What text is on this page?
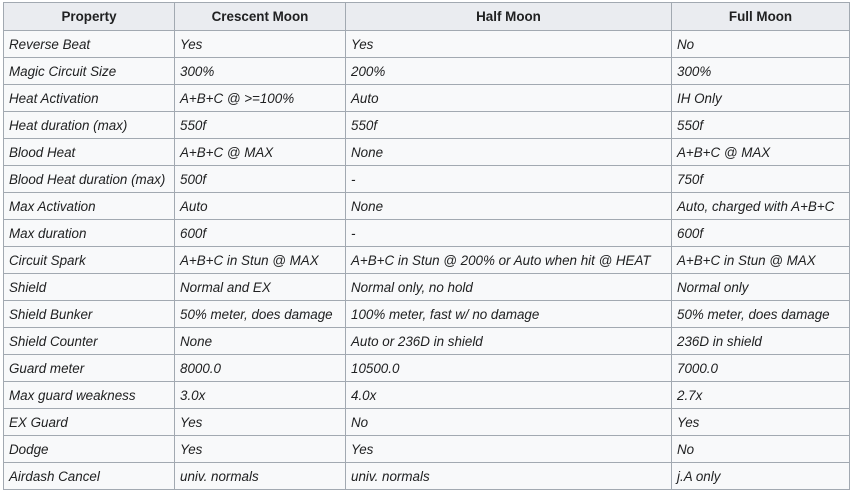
Property	Crescent Moon	Half Moon	Full Moon
Reverse Beat	Yes	Yes	No
Magic Circuit Size	300%	200%	300%
Heat Activation	A+B+C @ >=100%	Auto	IH Only
Heat duration (max)	550f	550f	550f
Blood Heat	A+B+C @ MAX	None	A+B+C @ MAX
Blood Heat duration (max)	500f	-	750f
Max Activation	Auto	None	Auto, charged with A+B+C
Max duration	600f	-	600f
Circuit Spark	A+B+C in Stun @ MAX	A+B+C in Stun @ 200% or Auto when hit @ HEAT	A+B+C in Stun @ MAX
Shield	Normal and EX	Normal only, no hold	Normal only
Shield Bunker	50% meter, does damage	100% meter, fast w/ no damage	50% meter, does damage
Shield Counter	None	Auto or 236D in shield	236D in shield
Guard meter	8000.0	10500.0	7000.0
Max guard weakness	3.0x	4.0x	2.7x
EX Guard	Yes	No	Yes
Dodge	Yes	Yes	No
Airdash Cancel	univ. normals	univ. normals	j.A only
